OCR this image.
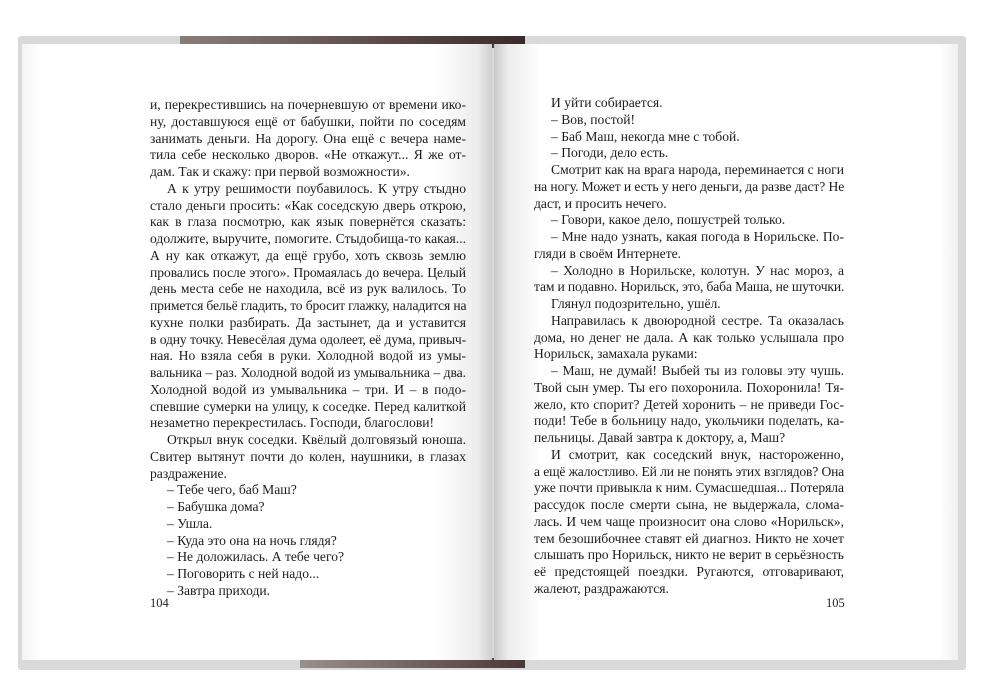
и, перекрестившись на почерневшую от времени ико-
ну, доставшуюся ещё от бабушки, пойти по соседям
занимать деньги. На дорогу. Она ещё с вечера наме-
тила себе несколько дворов. «Не откажут... Я же от-
дам. Так и скажу: при первой возможности».
А к утру решимости поубавилось. К утру стыдно
стало деньги просить: «Как соседскую дверь открою,
как в глаза посмотрю, как язык повернётся сказать:
одолжите, выручите, помогите. Стыдобища-то какая...
А ну как откажут, да ещё грубо, хоть сквозь землю
провались после этого». Промаялась до вечера. Целый
день места себе не находила, всё из рук валилось. То
примется бельё гладить, то бросит глажку, наладится на
кухне полки разбирать. Да застынет, да и уставится
в одну точку. Невесёлая дума одолеет, её дума, привыч-
ная. Но взяла себя в руки. Холодной водой из умы-
вальника – раз. Холодной водой из умывальника – два.
Холодной водой из умывальника – три. И – в подо-
спевшие сумерки на улицу, к соседке. Перед калиткой
незаметно перекрестилась. Господи, благослови!
Открыл внук соседки. Квёлый долговязый юноша.
Свитер вытянут почти до колен, наушники, в глазах
раздражение.
– Тебе чего, баб Маш?
– Бабушка дома?
– Ушла.
– Куда это она на ночь глядя?
– Не доложилась. А тебе чего?
– Поговорить с ней надо...
– Завтра приходи.
И уйти собирается.
– Вов, постой!
– Баб Маш, некогда мне с тобой.
– Погоди, дело есть.
Смотрит как на врага народа, переминается с ноги
на ногу. Может и есть у него деньги, да разве даст? Не
даст, и просить нечего.
– Говори, какое дело, пошустрей только.
– Мне надо узнать, какая погода в Норильске. По-
гляди в своём Интернете.
– Холодно в Норильске, колотун. У нас мороз, а
там и подавно. Норильск, это, баба Маша, не шуточки.
Глянул подозрительно, ушёл.
Направилась к двоюродной сестре. Та оказалась
дома, но денег не дала. А как только услышала про
Норильск, замахала руками:
– Маш, не думай! Выбей ты из головы эту чушь.
Твой сын умер. Ты его похоронила. Похоронила! Тя-
жело, кто спорит? Детей хоронить – не приведи Гос-
поди! Тебе в больницу надо, укольчики поделать, ка-
пельницы. Давай завтра к доктору, а, Маш?
И смотрит, как соседский внук, настороженно,
а ещё жалостливо. Ей ли не понять этих взглядов? Она
уже почти привыкла к ним. Сумасшедшая... Потеряла
рассудок после смерти сына, не выдержала, слома-
лась. И чем чаще произносит она слово «Норильск»,
тем безошибочнее ставят ей диагноз. Никто не хочет
слышать про Норильск, никто не верит в серьёзность
её предстоящей поездки. Ругаются, отговаривают,
жалеют, раздражаются.
104	105
